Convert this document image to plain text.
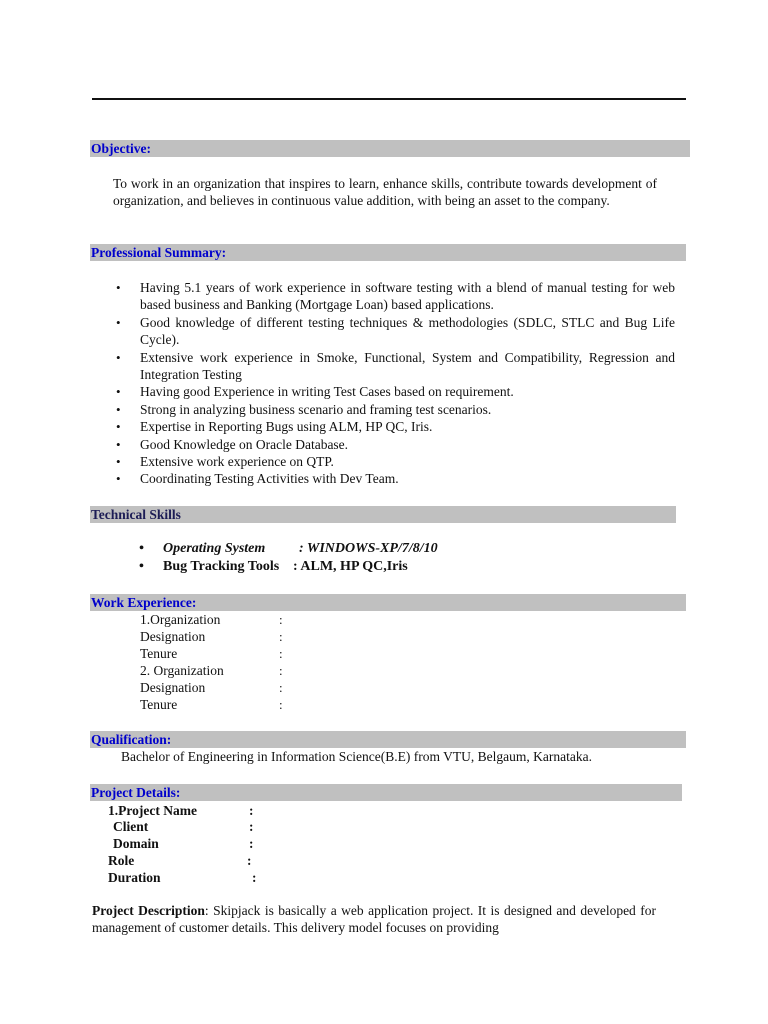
Objective:
To work in an organization that inspires to learn, enhance skills, contribute towards development of organization, and believes in continuous value addition, with being an asset to the company.
Professional Summary:
• Having 5.1 years of work experience in software testing with a blend of manual testing for web based business and Banking (Mortgage Loan) based applications.
• Good knowledge of different testing techniques & methodologies (SDLC, STLC and Bug Life Cycle).
• Extensive work experience in Smoke, Functional, System and Compatibility, Regression and Integration Testing
• Having good Experience in writing Test Cases based on requirement.
• Strong in analyzing business scenario and framing test scenarios.
• Expertise in Reporting Bugs using ALM, HP QC, Iris.
• Good Knowledge on Oracle Database.
• Extensive work experience on QTP.
• Coordinating Testing Activities with Dev Team.
Technical Skills
• Operating System : WINDOWS-XP/7/8/10
• Bug Tracking Tools : ALM, HP QC,Iris
Work Experience:
1.Organization	:
Designation	:
Tenure	:
2. Organization	:
Designation	:
Tenure	:
Qualification:
Bachelor of Engineering in Information Science(B.E) from VTU, Belgaum, Karnataka.
Project Details:
1.Project Name	:
Client	:
Domain	:
Role	:
Duration	:
Project Description: Skipjack is basically a web application project. It is designed and developed for management of customer details. This delivery model focuses on providing
